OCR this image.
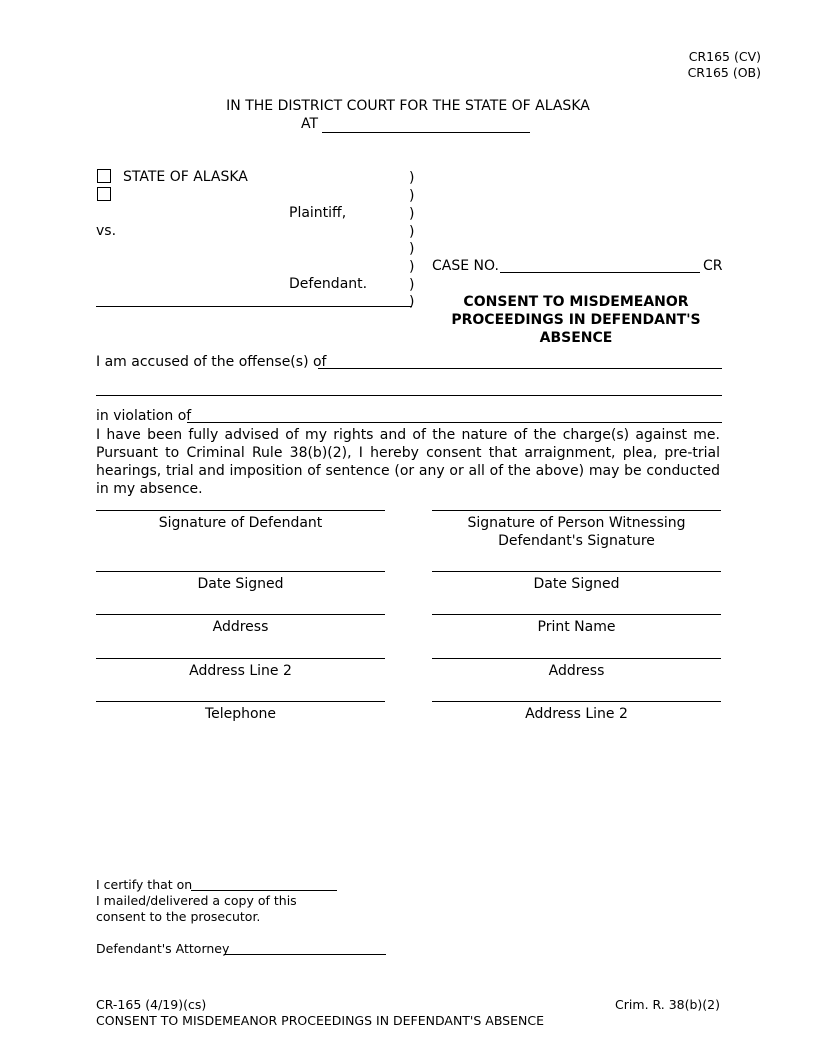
CR165 (CV)
CR165 (OB)
IN THE DISTRICT COURT FOR THE STATE OF ALASKA
AT
STATE OF ALASKA
Plaintiff,
vs.
Defendant.
)
)
)
)
)
)
)
)
CASE NO.	CR
CONSENT TO MISDEMEANOR
PROCEEDINGS IN DEFENDANT'S
ABSENCE
I am accused of the offense(s) of
in violation of
I have been fully advised of my rights and of the nature of the charge(s) against me. Pursuant to Criminal Rule 38(b)(2), I hereby consent that arraignment, plea, pre-trial hearings, trial and imposition of sentence (or any or all of the above) may be conducted in my absence.
Signature of Defendant
Date Signed
Address
Address Line 2
Telephone
Signature of Person Witnessing
Defendant's Signature
Date Signed
Print Name
Address
Address Line 2
I certify that on
I mailed/delivered a copy of this
consent to the prosecutor.
Defendant's Attorney
CR-165 (4/19)(cs)
CONSENT TO MISDEMEANOR PROCEEDINGS IN DEFENDANT'S ABSENCE
Crim. R. 38(b)(2)
